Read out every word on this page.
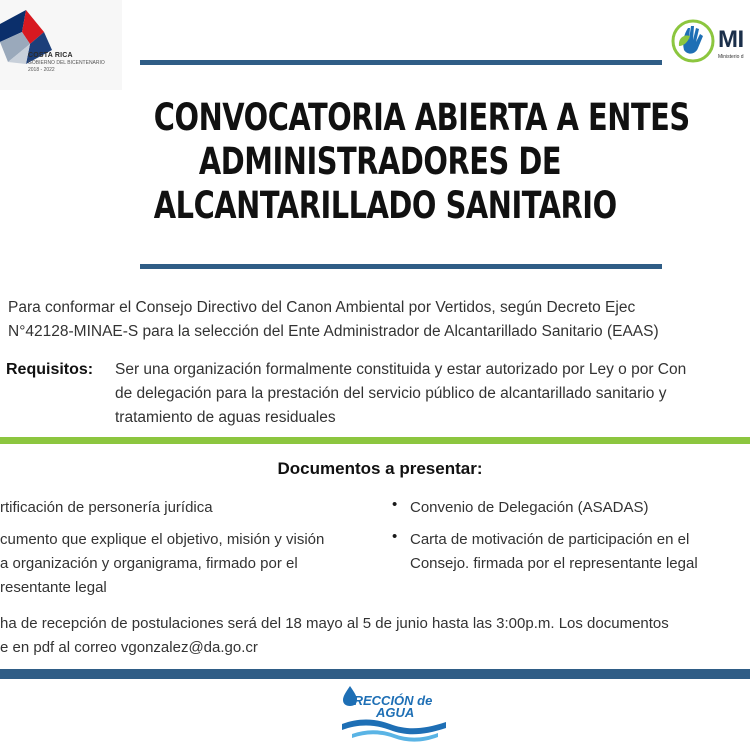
COSTA RICA
GOBIERNO DEL BICENTENARIO
2018 - 2022
MI
Ministerio d
CONVOCATORIA ABIERTA A ENTES
ADMINISTRADORES DE
ALCANTARILLADO SANITARIO
Para conformar el Consejo Directivo del Canon Ambiental por Vertidos, según Decreto Ejec
N°42128-MINAE-S para la selección del Ente Administrador de Alcantarillado Sanitario (EAAS)
Requisitos: Ser una organización formalmente constituida y estar autorizado por Ley o por Con
de delegación para la prestación del servicio público de alcantarillado sanitario y
tratamiento de aguas residuales
Documentos a presentar:
rtificación de personería jurídica
cumento que explique el objetivo, misión y visión
a organización y organigrama, firmado por el
resentante legal
• Convenio de Delegación (ASADAS)
• Carta de motivación de participación en el
Consejo. firmada por el representante legal
ha de recepción de postulaciones será del 18 mayo al 5 de junio hasta las 3:00p.m. Los documentos
e en pdf al correo vgonzalez@da.go.cr
IRECCIÓN de
AGUA
